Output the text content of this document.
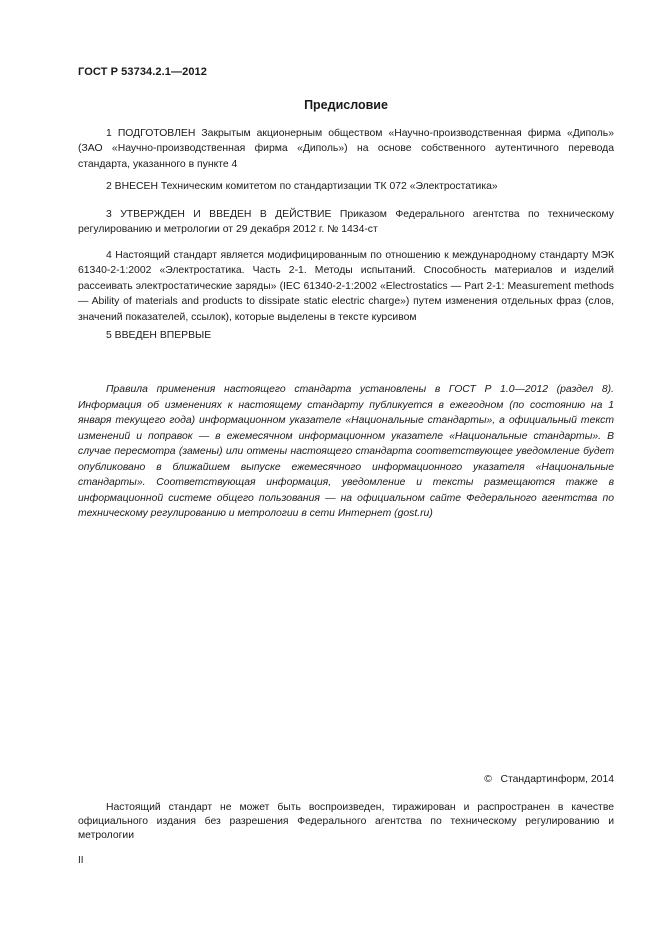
ГОСТ Р 53734.2.1—2012
Предисловие

1 ПОДГОТОВЛЕН Закрытым акционерным обществом «Научно-производственная фирма «Диполь» (ЗАО «Научно-производственная фирма «Диполь») на основе собственного аутентичного перевода стандарта, указанного в пункте 4

2 ВНЕСЕН Техническим комитетом по стандартизации ТК 072 «Электростатика»

3 УТВЕРЖДЕН И ВВЕДЕН В ДЕЙСТВИЕ Приказом Федерального агентства по техническому регулированию и метрологии от 29 декабря 2012 г. № 1434-ст

4 Настоящий стандарт является модифицированным по отношению к международному стандарту МЭК 61340-2-1:2002 «Электростатика. Часть 2-1. Методы испытаний. Способность материалов и изделий рассеивать электростатические заряды» (IEC 61340-2-1:2002 «Electrostatics — Part 2-1: Measurement methods — Ability of materials and products to dissipate static electric charge») путем изменения отдельных фраз (слов, значений показателей, ссылок), которые выделены в тексте курсивом

5 ВВЕДЕН ВПЕРВЫЕ

Правила применения настоящего стандарта установлены в ГОСТ Р 1.0—2012 (раздел 8). Информация об изменениях к настоящему стандарту публикуется в ежегодном (по состоянию на 1 января текущего года) информационном указателе «Национальные стандарты», а официальный текст изменений и поправок — в ежемесячном информационном указателе «Национальные стандарты». В случае пересмотра (замены) или отмены настоящего стандарта соответствующее уведомление будет опубликовано в ближайшем выпуске ежемесячного информационного указателя «Национальные стандарты». Соответствующая информация, уведомление и тексты размещаются также в информационной системе общего пользования — на официальном сайте Федерального агентства по техническому регулированию и метрологии в сети Интернет (gost.ru)

©   Стандартинформ, 2014

Настоящий стандарт не может быть воспроизведен, тиражирован и распространен в качестве официального издания без разрешения Федерального агентства по техническому регулированию и метрологии

II
